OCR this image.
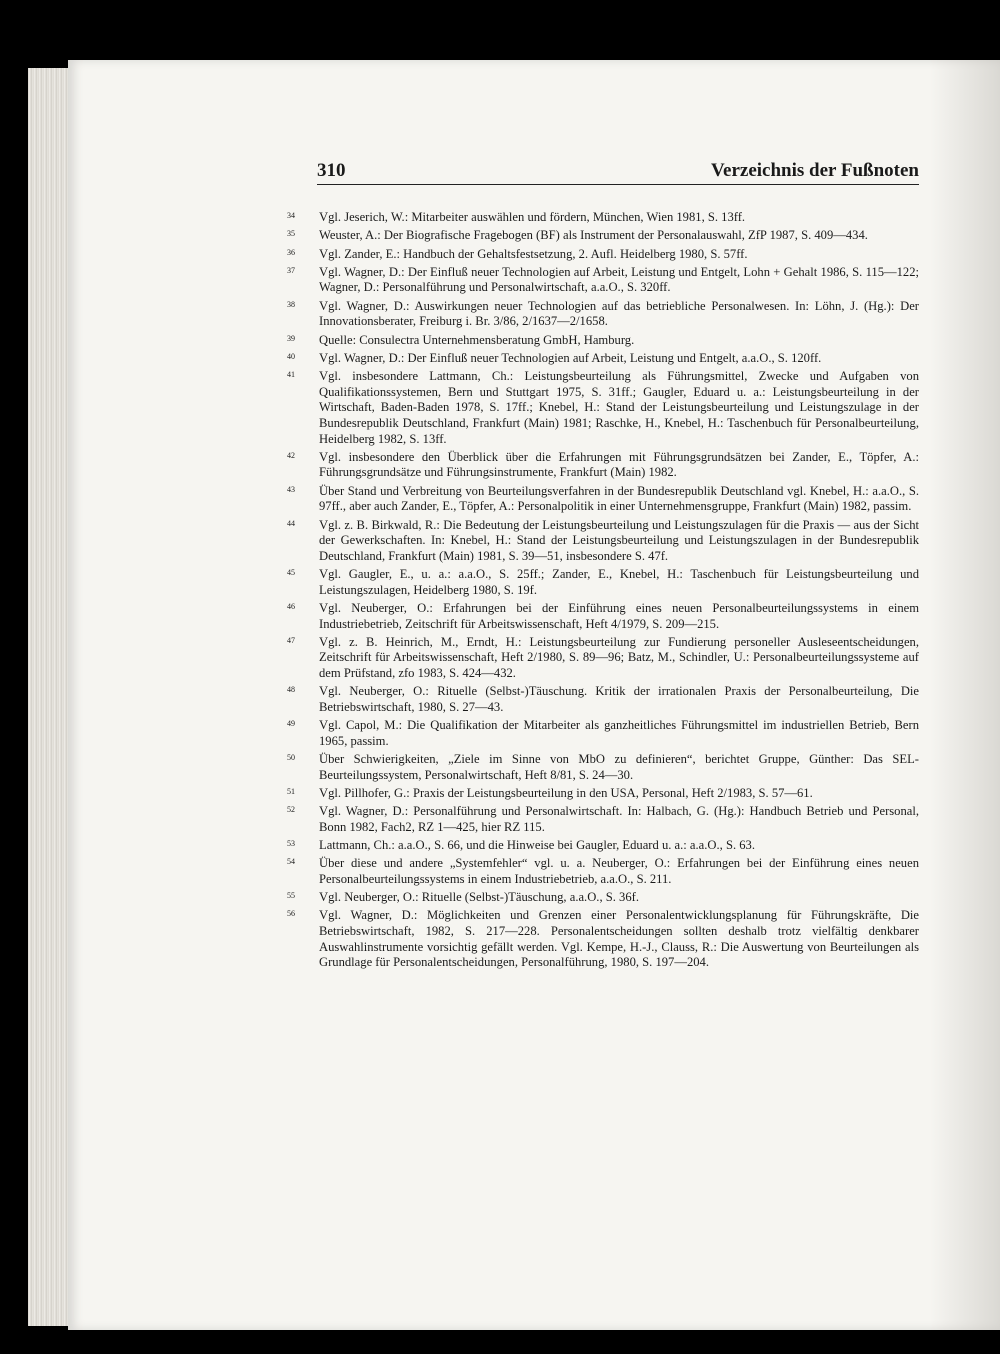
310	Verzeichnis der Fußnoten
34	Vgl. Jeserich, W.: Mitarbeiter auswählen und fördern, München, Wien 1981, S. 13ff.
35	Weuster, A.: Der Biografische Fragebogen (BF) als Instrument der Personalauswahl, ZfP 1987, S. 409—434.
36	Vgl. Zander, E.: Handbuch der Gehaltsfestsetzung, 2. Aufl. Heidelberg 1980, S. 57ff.
37	Vgl. Wagner, D.: Der Einfluß neuer Technologien auf Arbeit, Leistung und Entgelt, Lohn + Gehalt 1986, S. 115—122; Wagner, D.: Personalführung und Personalwirtschaft, a.a.O., S. 320ff.
38	Vgl. Wagner, D.: Auswirkungen neuer Technologien auf das betriebliche Personalwesen. In: Löhn, J. (Hg.): Der Innovationsberater, Freiburg i. Br. 3/86, 2/1637—2/1658.
39	Quelle: Consulectra Unternehmensberatung GmbH, Hamburg.
40	Vgl. Wagner, D.: Der Einfluß neuer Technologien auf Arbeit, Leistung und Entgelt, a.a.O., S. 120ff.
41	Vgl. insbesondere Lattmann, Ch.: Leistungsbeurteilung als Führungsmittel, Zwecke und Aufgaben von Qualifikationssystemen, Bern und Stuttgart 1975, S. 31ff.; Gaugler, Eduard u. a.: Leistungsbeurteilung in der Wirtschaft, Baden-Baden 1978, S. 17ff.; Knebel, H.: Stand der Leistungsbeurteilung und Leistungszulage in der Bundesrepublik Deutschland, Frankfurt (Main) 1981; Raschke, H., Knebel, H.: Taschenbuch für Personalbeurteilung, Heidelberg 1982, S. 13ff.
42	Vgl. insbesondere den Überblick über die Erfahrungen mit Führungsgrundsätzen bei Zander, E., Töpfer, A.: Führungsgrundsätze und Führungsinstrumente, Frankfurt (Main) 1982.
43	Über Stand und Verbreitung von Beurteilungsverfahren in der Bundesrepublik Deutschland vgl. Knebel, H.: a.a.O., S. 97ff., aber auch Zander, E., Töpfer, A.: Personalpolitik in einer Unternehmensgruppe, Frankfurt (Main) 1982, passim.
44	Vgl. z. B. Birkwald, R.: Die Bedeutung der Leistungsbeurteilung und Leistungszulagen für die Praxis — aus der Sicht der Gewerkschaften. In: Knebel, H.: Stand der Leistungsbeurteilung und Leistungszulagen in der Bundesrepublik Deutschland, Frankfurt (Main) 1981, S. 39—51, insbesondere S. 47f.
45	Vgl. Gaugler, E., u. a.: a.a.O., S. 25ff.; Zander, E., Knebel, H.: Taschenbuch für Leistungsbeurteilung und Leistungszulagen, Heidelberg 1980, S. 19f.
46	Vgl. Neuberger, O.: Erfahrungen bei der Einführung eines neuen Personalbeurteilungssystems in einem Industriebetrieb, Zeitschrift für Arbeitswissenschaft, Heft 4/1979, S. 209—215.
47	Vgl. z. B. Heinrich, M., Erndt, H.: Leistungsbeurteilung zur Fundierung personeller Ausleseentscheidungen, Zeitschrift für Arbeitswissenschaft, Heft 2/1980, S. 89—96; Batz, M., Schindler, U.: Personalbeurteilungssysteme auf dem Prüfstand, zfo 1983, S. 424—432.
48	Vgl. Neuberger, O.: Rituelle (Selbst-)Täuschung. Kritik der irrationalen Praxis der Personalbeurteilung, Die Betriebswirtschaft, 1980, S. 27—43.
49	Vgl. Capol, M.: Die Qualifikation der Mitarbeiter als ganzheitliches Führungsmittel im industriellen Betrieb, Bern 1965, passim.
50	Über Schwierigkeiten, „Ziele im Sinne von MbO zu definieren“, berichtet Gruppe, Günther: Das SEL-Beurteilungssystem, Personalwirtschaft, Heft 8/81, S. 24—30.
51	Vgl. Pillhofer, G.: Praxis der Leistungsbeurteilung in den USA, Personal, Heft 2/1983, S. 57—61.
52	Vgl. Wagner, D.: Personalführung und Personalwirtschaft. In: Halbach, G. (Hg.): Handbuch Betrieb und Personal, Bonn 1982, Fach2, RZ 1—425, hier RZ 115.
53	Lattmann, Ch.: a.a.O., S. 66, und die Hinweise bei Gaugler, Eduard u. a.: a.a.O., S. 63.
54	Über diese und andere „Systemfehler“ vgl. u. a. Neuberger, O.: Erfahrungen bei der Einführung eines neuen Personalbeurteilungssystems in einem Industriebetrieb, a.a.O., S. 211.
55	Vgl. Neuberger, O.: Rituelle (Selbst-)Täuschung, a.a.O., S. 36f.
56	Vgl. Wagner, D.: Möglichkeiten und Grenzen einer Personalentwicklungsplanung für Führungskräfte, Die Betriebswirtschaft, 1982, S. 217—228. Personalentscheidungen sollten deshalb trotz vielfältig denkbarer Auswahlinstrumente vorsichtig gefällt werden. Vgl. Kempe, H.-J., Clauss, R.: Die Auswertung von Beurteilungen als Grundlage für Personalentscheidungen, Personalführung, 1980, S. 197—204.
